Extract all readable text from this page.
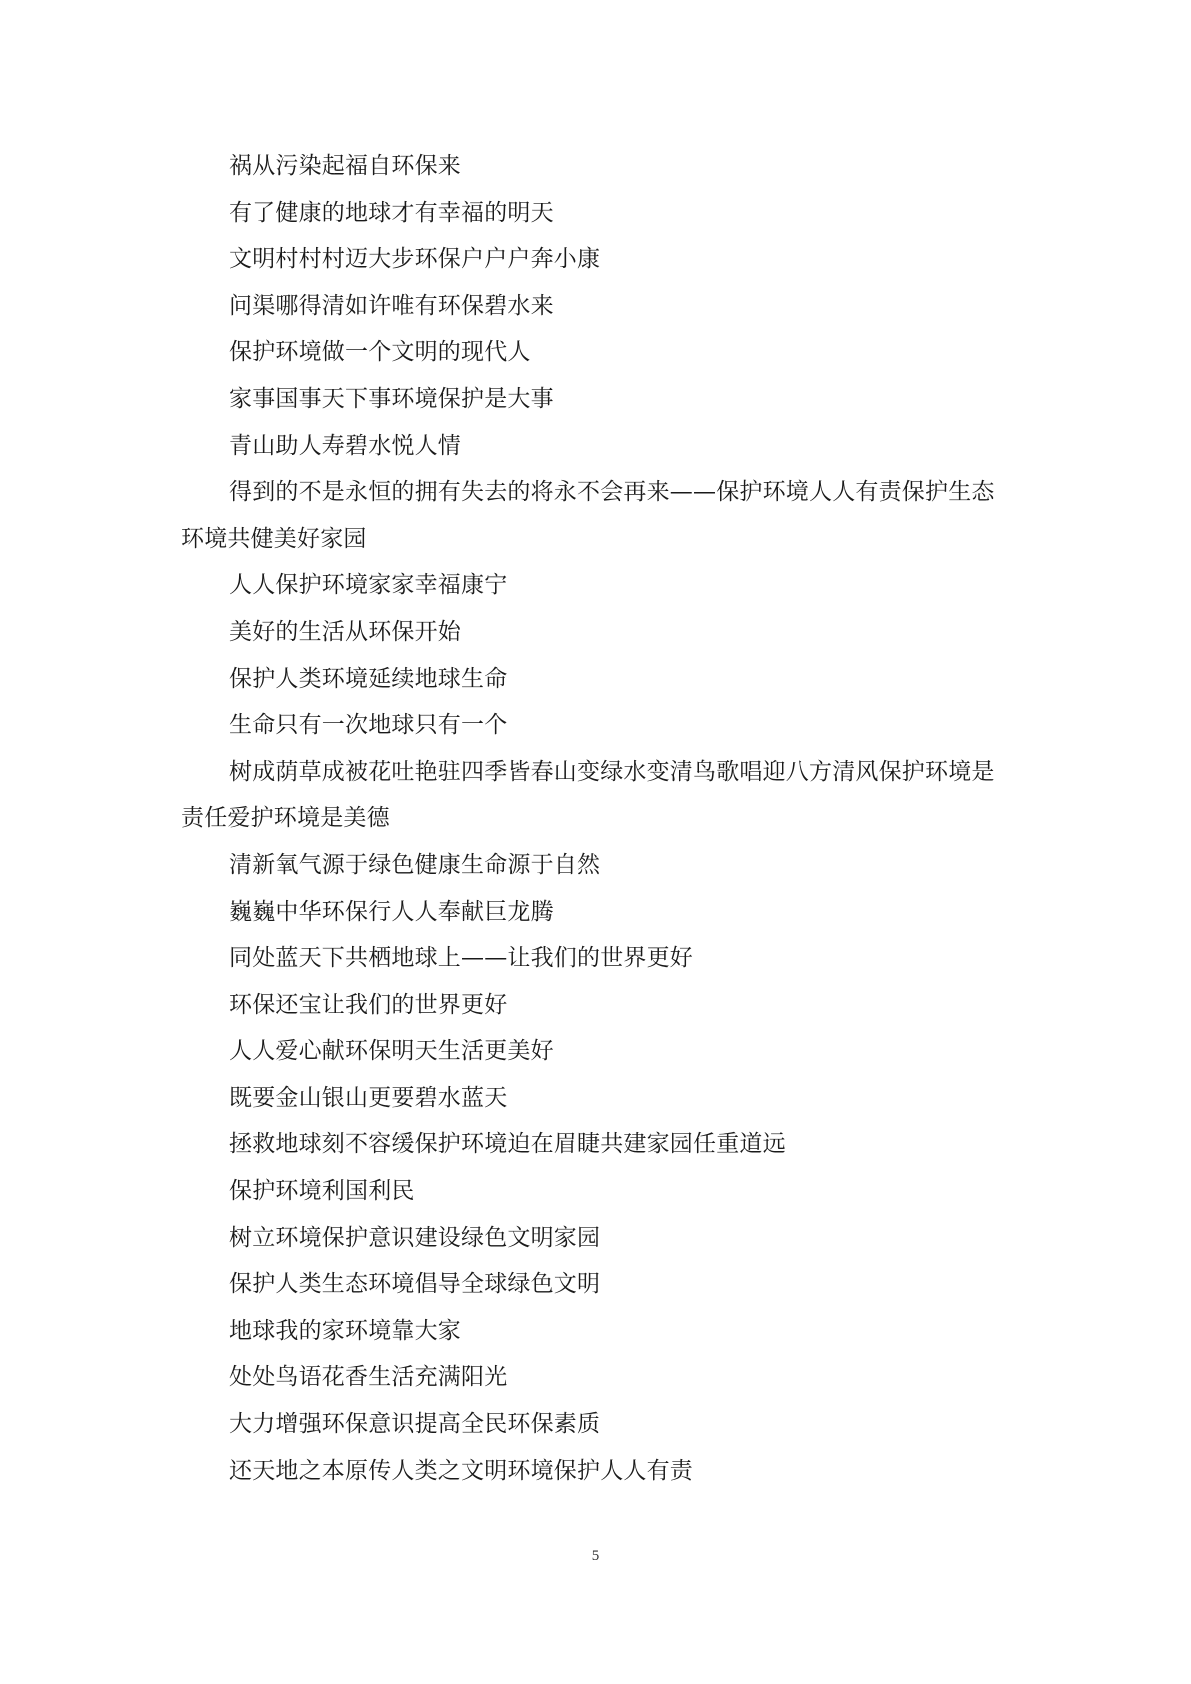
祸从污染起福自环保来

有了健康的地球才有幸福的明天

文明村村村迈大步环保户户户奔小康

问渠哪得清如许唯有环保碧水来

保护环境做一个文明的现代人

家事国事天下事环境保护是大事

青山助人寿碧水悦人情

得到的不是永恒的拥有失去的将永不会再来——保护环境人人有责保护生态环境共健美好家园

人人保护环境家家幸福康宁

美好的生活从环保开始

保护人类环境延续地球生命

生命只有一次地球只有一个

树成荫草成被花吐艳驻四季皆春山变绿水变清鸟歌唱迎八方清风保护环境是责任爱护环境是美德

清新氧气源于绿色健康生命源于自然

巍巍中华环保行人人奉献巨龙腾

同处蓝天下共栖地球上——让我们的世界更好

环保还宝让我们的世界更好

人人爱心献环保明天生活更美好

既要金山银山更要碧水蓝天

拯救地球刻不容缓保护环境迫在眉睫共建家园任重道远

保护环境利国利民

树立环境保护意识建设绿色文明家园

保护人类生态环境倡导全球绿色文明

地球我的家环境靠大家

处处鸟语花香生活充满阳光

大力增强环保意识提高全民环保素质

还天地之本原传人类之文明环境保护人人有责

5
